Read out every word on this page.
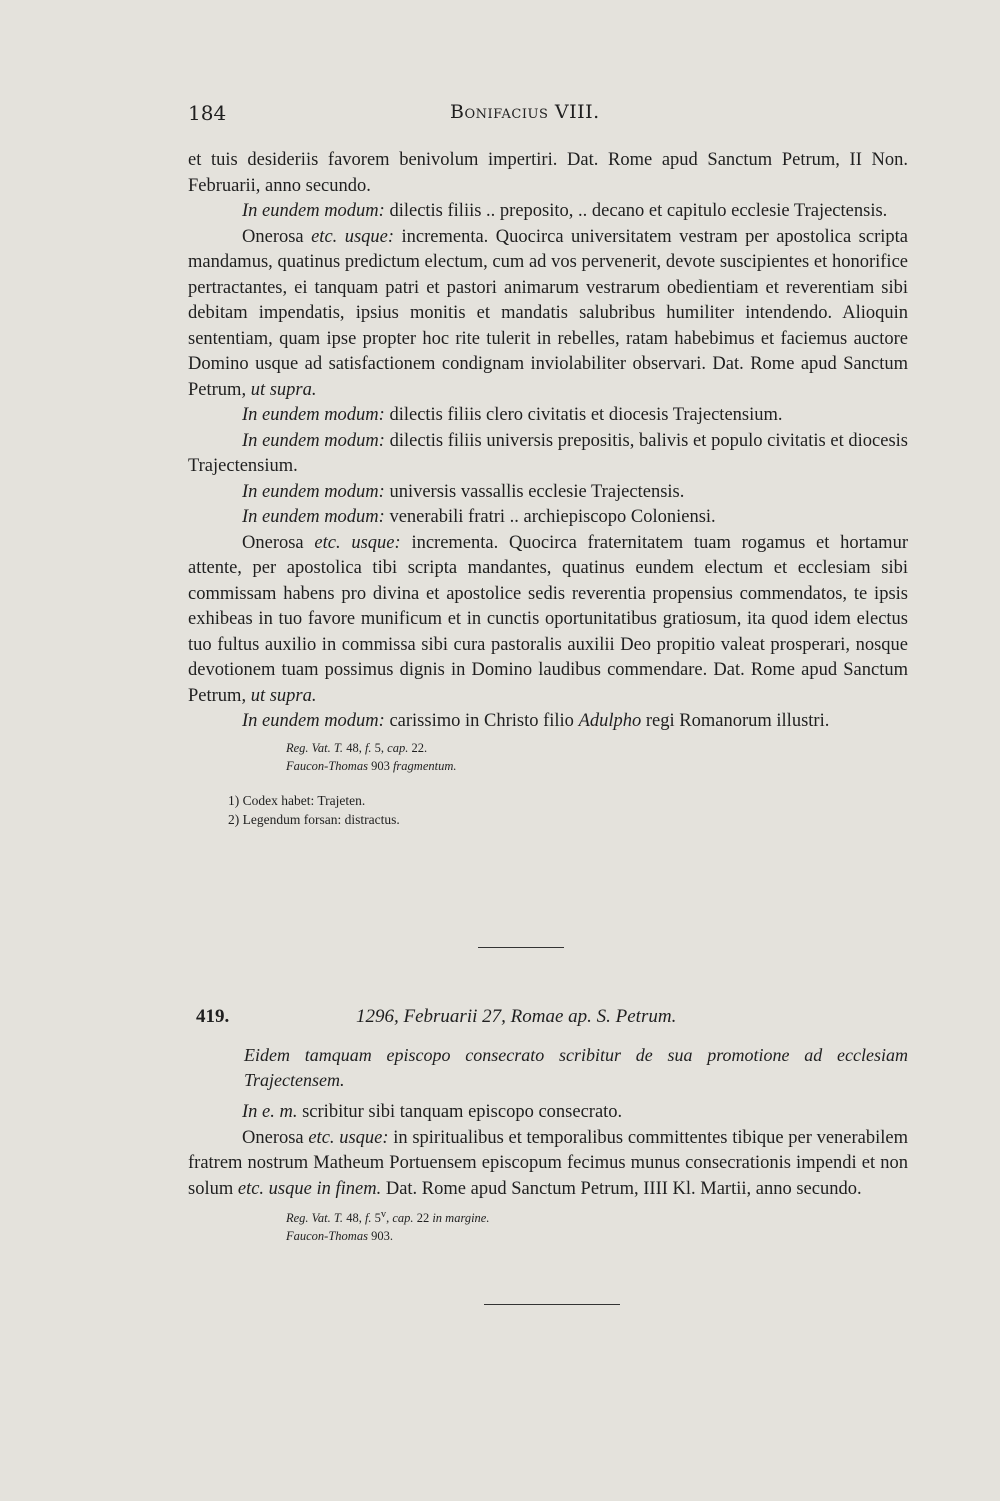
184	Bonifacius VIII.

et tuis desideriis favorem benivolum impertiri. Dat. Rome apud Sanctum Petrum, II Non. Februarii, anno secundo.

In eundem modum: dilectis filiis .. preposito, .. decano et capitulo ecclesie Trajectensis.

Onerosa etc. usque: incrementa. Quocirca universitatem vestram per apostolica scripta mandamus, quatinus predictum electum, cum ad vos pervenerit, devote suscipientes et honorifice pertractantes, ei tanquam patri et pastori animarum vestrarum obedientiam et reverentiam sibi debitam impendatis, ipsius monitis et mandatis salubribus humiliter intendendo. Alioquin sententiam, quam ipse propter hoc rite tulerit in rebelles, ratam habebimus et faciemus auctore Domino usque ad satisfactionem condignam inviolabiliter observari. Dat. Rome apud Sanctum Petrum, ut supra.

In eundem modum: dilectis filiis clero civitatis et diocesis Trajectensium.

In eundem modum: dilectis filiis universis prepositis, balivis et populo civitatis et diocesis Trajectensium.

In eundem modum: universis vassallis ecclesie Trajectensis.

In eundem modum: venerabili fratri .. archiepiscopo Coloniensi.

Onerosa etc. usque: incrementa. Quocirca fraternitatem tuam rogamus et hortamur attente, per apostolica tibi scripta mandantes, quatinus eundem electum et ecclesiam sibi commissam habens pro divina et apostolice sedis reverentia propensius commendatos, te ipsis exhibeas in tuo favore munificum et in cunctis oportunitatibus gratiosum, ita quod idem electus tuo fultus auxilio in commissa sibi cura pastoralis auxilii Deo propitio valeat prosperari, nosque devotionem tuam possimus dignis in Domino laudibus commendare. Dat. Rome apud Sanctum Petrum, ut supra.

In eundem modum: carissimo in Christo filio Adulpho regi Romanorum illustri.

Reg. Vat. T. 48, f. 5, cap. 22.
Faucon-Thomas 903 fragmentum.
1) Codex habet: Trajeten.
2) Legendum forsan: distractus.
419.	1296, Februarii 27, Romae ap. S. Petrum.
Eidem tamquam episcopo consecrato scribitur de sua promotione ad ecclesiam Trajectensem.

In e. m. scribitur sibi tanquam episcopo consecrato.

Onerosa etc. usque: in spiritualibus et temporalibus committentes tibique per venerabilem fratrem nostrum Matheum Portuensem episcopum fecimus munus consecrationis impendi et non solum etc. usque in finem. Dat. Rome apud Sanctum Petrum, IIII Kl. Martii, anno secundo.

Reg. Vat. T. 48, f. 5$^v$, cap. 22 in margine.
Faucon-Thomas 903.
